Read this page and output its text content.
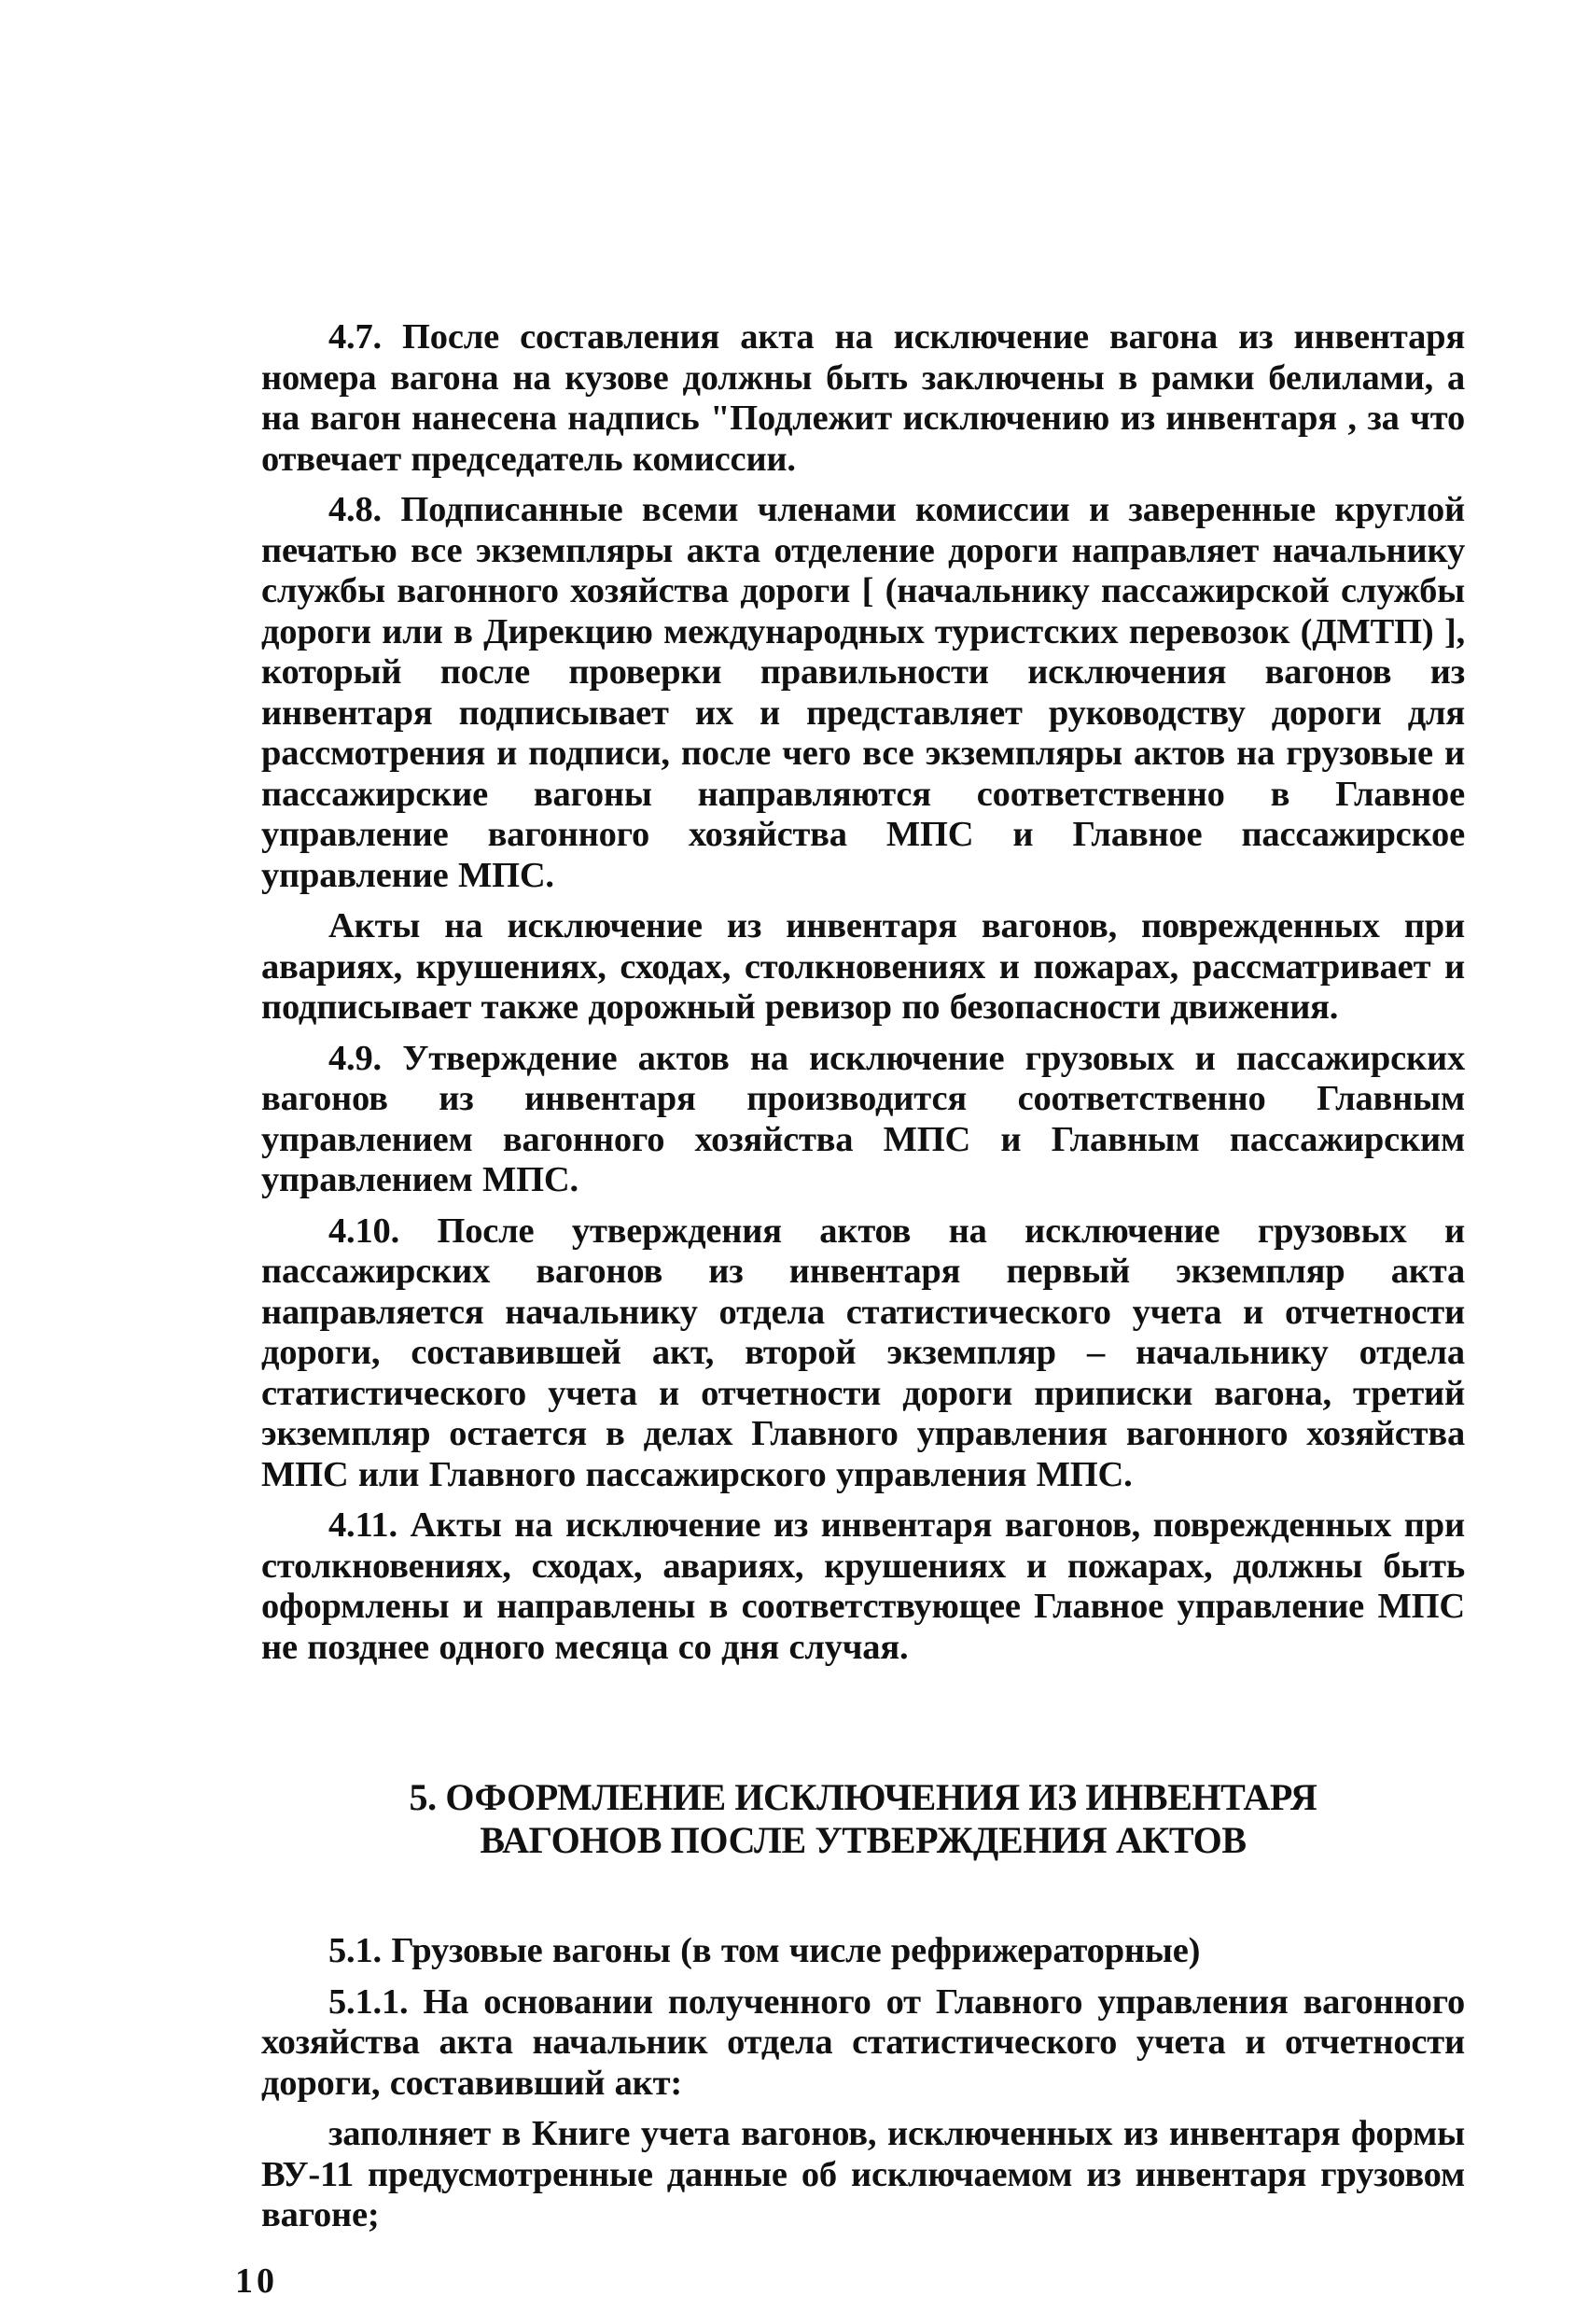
4.7. После составления акта на исключение вагона из инвентаря номера вагона на кузове должны быть заключены в рамки белилами, а на вагон нанесена надпись "Подлежит исключению из инвентаря , за что отвечает председатель комиссии.

4.8. Подписанные всеми членами комиссии и заверенные круглой печатью все экземпляры акта отделение дороги направляет начальнику службы вагонного хозяйства дороги [ (начальнику пассажирской службы дороги или в Дирекцию международных туристских перевозок (ДМТП) ], который после проверки правильности исключения вагонов из инвентаря подписывает их и представляет руководству дороги для рассмотрения и подписи, после чего все экземпляры актов на грузовые и пассажирские вагоны направляются соответственно в Главное управление вагонного хозяйства МПС и Главное пассажирское управление МПС.

Акты на исключение из инвентаря вагонов, поврежденных при авариях, крушениях, сходах, столкновениях и пожарах, рассматривает и подписывает также дорожный ревизор по безопасности движения.

4.9. Утверждение актов на исключение грузовых и пассажирских вагонов из инвентаря производится соответственно Главным управлением вагонного хозяйства МПС и Главным пассажирским управлением МПС.

4.10. После утверждения актов на исключение грузовых и пассажирских вагонов из инвентаря первый экземпляр акта направляется начальнику отдела статистического учета и отчетности дороги, составившей акт, второй экземпляр – начальнику отдела статистического учета и отчетности дороги приписки вагона, третий экземпляр остается в делах Главного управления вагонного хозяйства МПС или Главного пассажирского управления МПС.

4.11. Акты на исключение из инвентаря вагонов, поврежденных при столкновениях, сходах, авариях, крушениях и пожарах, должны быть оформлены и направлены в соответствующее Главное управление МПС не позднее одного месяца со дня случая.

5. ОФОРМЛЕНИЕ ИСКЛЮЧЕНИЯ ИЗ ИНВЕНТАРЯ
ВАГОНОВ ПОСЛЕ УТВЕРЖДЕНИЯ АКТОВ

5.1. Грузовые вагоны (в том числе рефрижераторные)

5.1.1. На основании полученного от Главного управления вагонного хозяйства акта начальник отдела статистического учета и отчетности дороги, составивший акт:

заполняет в Книге учета вагонов, исключенных из инвентаря формы ВУ-11 предусмотренные данные об исключаемом из инвентаря грузовом вагоне;

10
